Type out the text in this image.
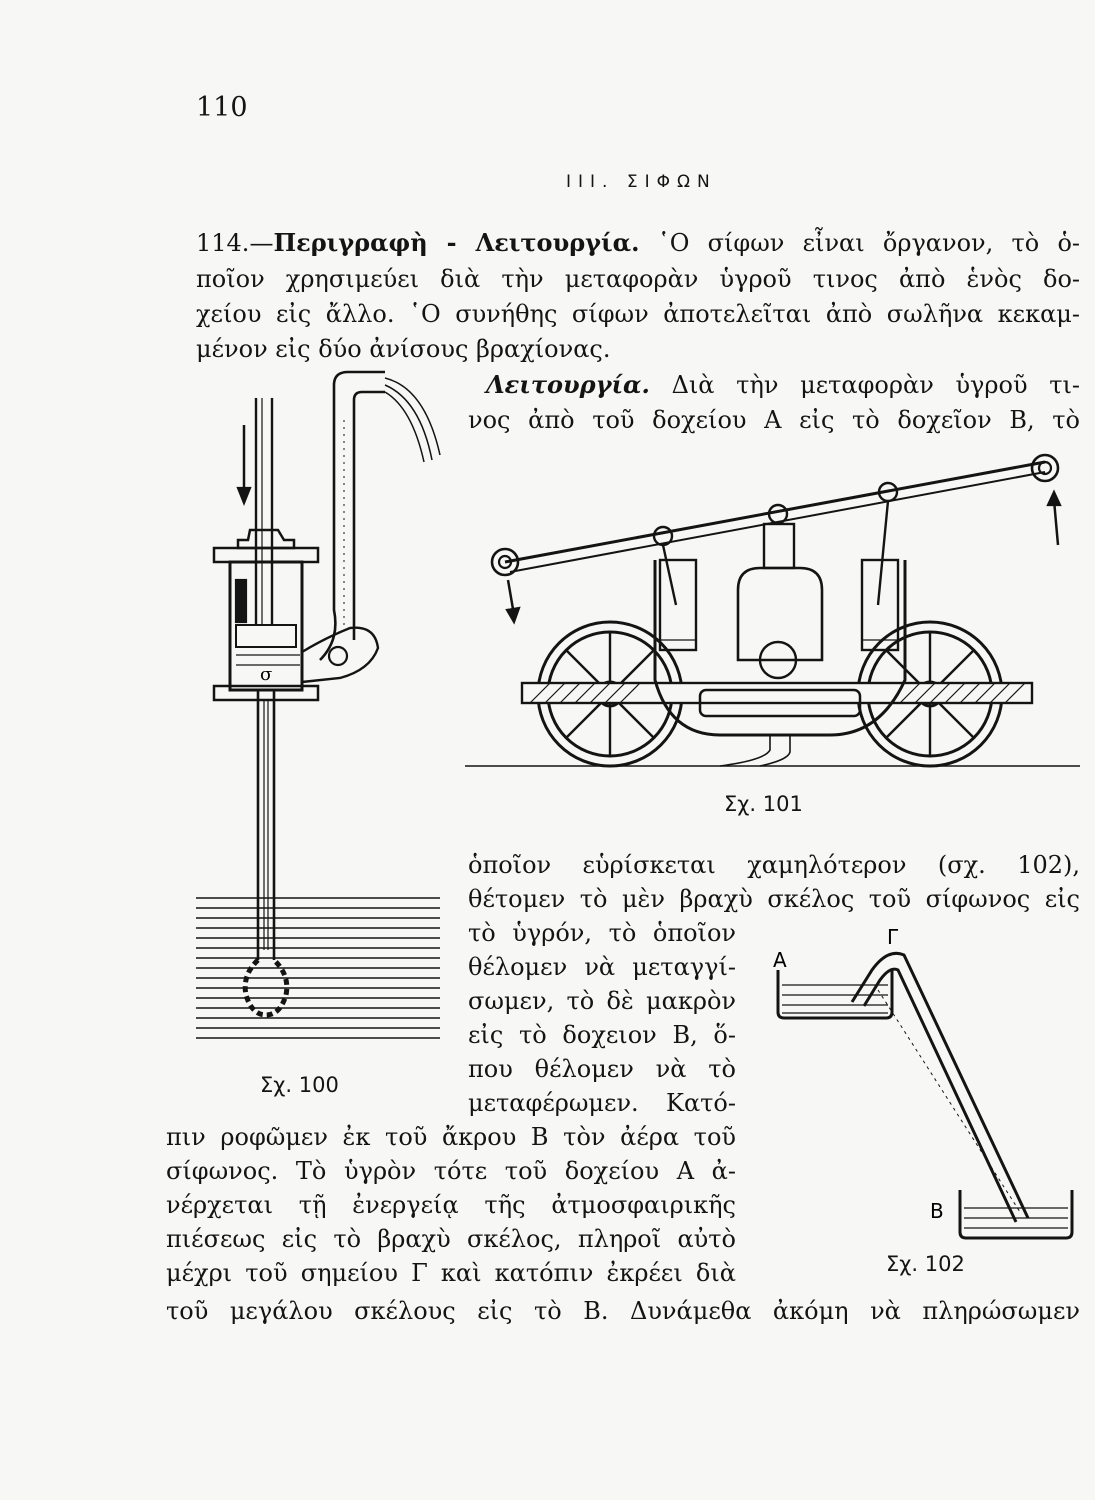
110
ΙΙΙ. ΣΙΦΩΝ
114.—Περιγραφὴ - Λειτουργία. ῾Ο σίφων εἶναι ὄργανον, τὸ ὁ-
ποῖον χρησιμεύει διὰ τὴν μεταφορὰν ὑγροῦ τινος ἀπὸ ἑνὸς δο-
χείου εἰς ἄλλο. ῾Ο συνήθης σίφων ἀποτελεῖται ἀπὸ σωλῆνα κεκαμ-
μένον εἰς δύο ἀνίσους βραχίονας.
Λειτουργία. Διὰ τὴν μεταφορὰν ὑγροῦ τι-
νος ἀπὸ τοῦ δοχείου Α εἰς τὸ δοχεῖον Β, τὸ
ὁποῖον εὑρίσκεται χαμηλότερον (σχ. 102),
θέτομεν τὸ μὲν βραχὺ σκέλος τοῦ σίφωνος εἰς
τὸ ὑγρόν, τὸ ὁποῖον
θέλομεν νὰ μεταγγί-
σωμεν, τὸ δὲ μακρὸν
εἰς τὸ δοχειον Β, ὅ-
που θέλομεν νὰ τὸ
μεταφέρωμεν. Κατό-
πιν ροφῶμεν ἐκ τοῦ ἄκρου Β τὸν ἀέρα τοῦ
σίφωνος. Τὸ ὑγρὸν τότε τοῦ δοχείου Α ἀ-
νέρχεται τῇ ἐνεργείᾳ τῆς ἀτμοσφαιρικῆς
πιέσεως εἰς τὸ βραχὺ σκέλος, πληροῖ αὐτὸ
μέχρι τοῦ σημείου Γ καὶ κατόπιν ἐκρέει διὰ
τοῦ μεγάλου σκέλους εἰς τὸ Β. Δυνάμεθα ἀκόμη νὰ πληρώσωμεν
σ
Σχ. 100
Σχ. 101
Α
Γ
Β
Σχ. 102
